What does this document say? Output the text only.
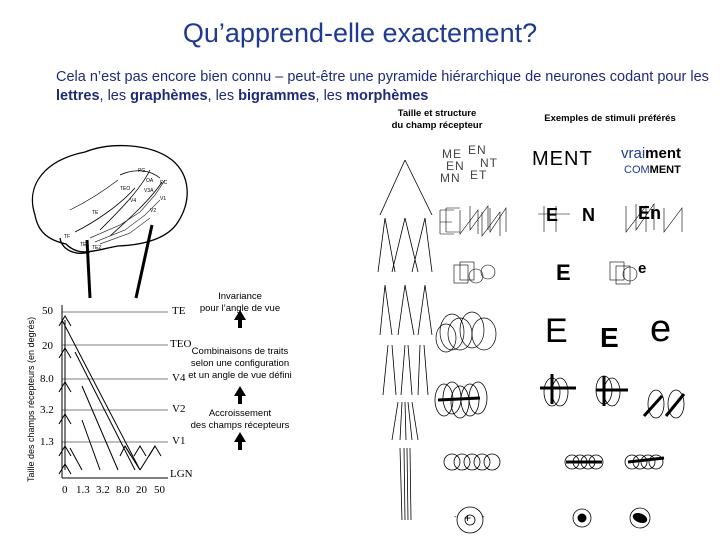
Qu’apprend-elle exactement?
Cela n’est pas encore bien connu – peut-être une pyramide hiérarchique de neurones codant pour les lettres, les graphèmes, les bigrammes, les morphèmes
Taille et structure
du champ récepteur
Exemples de stimuli préférés
Taille des champs récepteurs (en degrés)
50
20
8.0
3.2
1.3
0 1.3 3.2 8.0 20 50
TE
TEO
V4
V2
V1
LGN
PG
OA
TE
TEO
V4
V2
V1
DC
TF
TE1 TE2
V3A
Invariance
pour l’angle de vue
Combinaisons de traits
selon une configuration
et un angle de vue défini
Accroissement
des champs récepteurs
ME EN
EN NT
MN ET
MENT vraiment
COMMENT
E N En
E	e
E E e
+
-	-
